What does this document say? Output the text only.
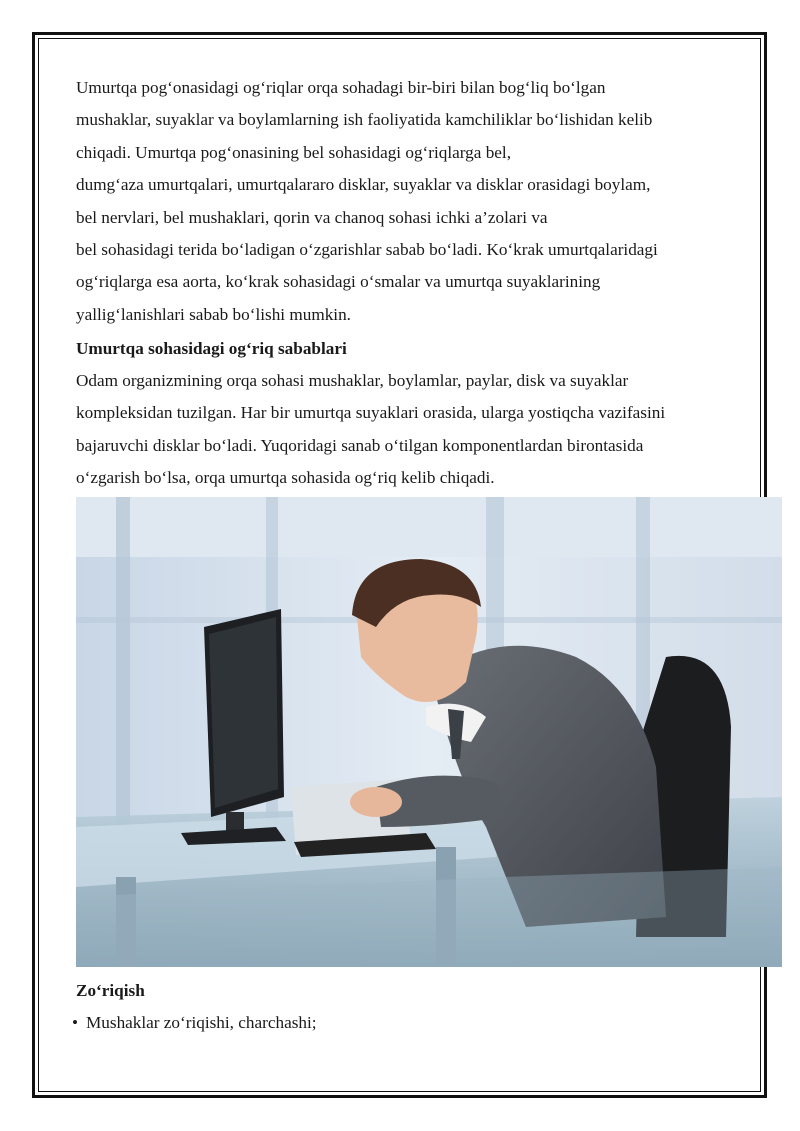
Umurtqa pog‘onasidagi og‘riqlar orqa sohadagi bir-biri bilan bog‘liq bo‘lgan
mushaklar, suyaklar va boylamlarning ish faoliyatida kamchiliklar bo‘lishidan kelib
chiqadi. Umurtqa pog‘onasining bel sohasidagi og‘riqlarga bel,
dumg‘aza umurtqalari, umurtqalararo disklar, suyaklar va disklar orasidagi boylam,
bel nervlari, bel mushaklari, qorin va chanoq sohasi ichki a’zolari va
bel sohasidagi terida bo‘ladigan o‘zgarishlar sabab bo‘ladi. Ko‘krak umurtqalaridagi
og‘riqlarga esa aorta, ko‘krak sohasidagi o‘smalar va umurtqa suyaklarining
yallig‘lanishlari sabab bo‘lishi mumkin.
Umurtqa sohasidagi og‘riq sabablari
Odam organizmining orqa sohasi mushaklar, boylamlar, paylar, disk va suyaklar
kompleksidan tuzilgan. Har bir umurtqa suyaklari orasida, ularga yostiqcha vazifasini
bajaruvchi disklar bo‘ladi. Yuqoridagi sanab o‘tilgan komponentlardan birontasida
o‘zgarish bo‘lsa, orqa umurtqa sohasida og‘riq kelib chiqadi.
Zo‘riqish
• Mushaklar zo‘riqishi, charchashi;
